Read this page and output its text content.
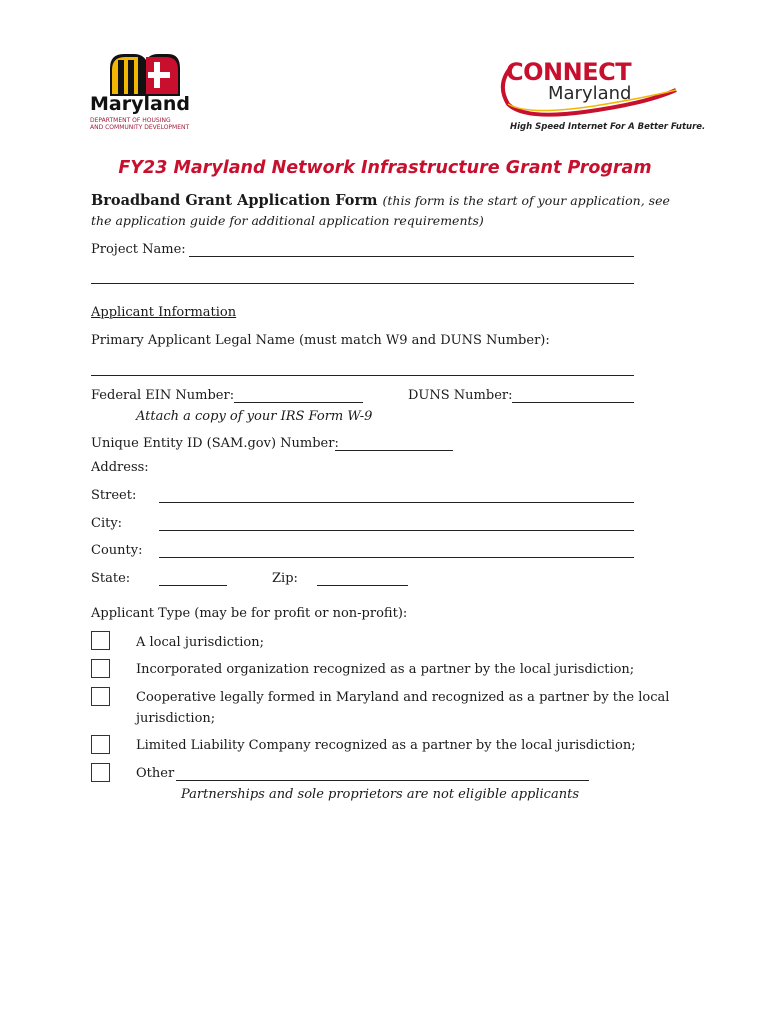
Maryland
DEPARTMENT OF HOUSING
AND COMMUNITY DEVELOPMENT
CONNECT
Maryland
High Speed Internet For A Better Future.
FY23 Maryland Network Infrastructure Grant Program
Broadband Grant Application Form (this form is the start of your application, see
the application guide for additional application requirements)
Project Name:
Applicant Information
Primary Applicant Legal Name (must match W9 and DUNS Number):
Federal EIN Number:
Attach a copy of your IRS Form W-9
DUNS Number:
Unique Entity ID (SAM.gov) Number:
Address:
Street:
City:
County:
State:	Zip:
Applicant Type (may be for profit or non-profit):
A local jurisdiction;
Incorporated organization recognized as a partner by the local jurisdiction;
Cooperative legally formed in Maryland and recognized as a partner by the local
jurisdiction;
Limited Liability Company recognized as a partner by the local jurisdiction;
Other
Partnerships and sole proprietors are not eligible applicants
